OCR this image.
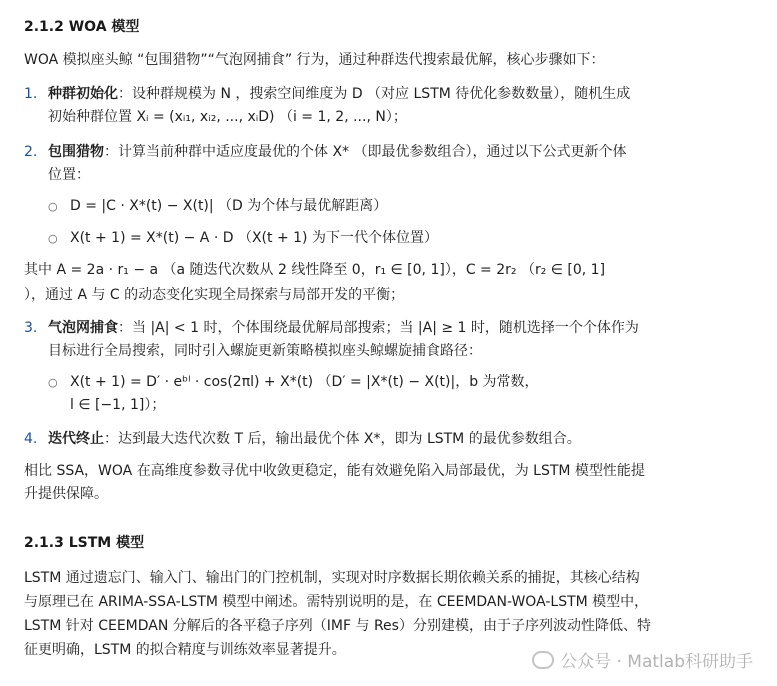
2.1.2 WOA 模型
WOA 模拟座头鲸 “包围猎物”“气泡网捕食” 行为，通过种群迭代搜索最优解，核心步骤如下：
1. 种群初始化：设种群规模为 N ，搜索空间维度为 D （对应 LSTM 待优化参数数量），随机生成
初始种群位置 Xᵢ = (xᵢ₁, xᵢ₂, ..., xᵢD) （i = 1, 2, ..., N）；
2. 包围猎物：计算当前种群中适应度最优的个体 X* （即最优参数组合），通过以下公式更新个体
位置：
○ D = |C · X*(t) − X(t)| （D 为个体与最优解距离）
○ X(t + 1) = X*(t) − A · D （X(t + 1) 为下一代个体位置）
其中 A = 2a · r₁ − a （a 随迭代次数从 2 线性降至 0，r₁ ∈ [0, 1]），C = 2r₂ （r₂ ∈ [0, 1]
），通过 A 与 C 的动态变化实现全局探索与局部开发的平衡；
3. 气泡网捕食：当 |A| < 1 时，个体围绕最优解局部搜索；当 |A| ≥ 1 时，随机选择一个个体作为
目标进行全局搜索，同时引入螺旋更新策略模拟座头鲸螺旋捕食路径：
○ X(t + 1) = D′ · eᵇˡ · cos(2πl) + X*(t) （D′ = |X*(t) − X(t)|，b 为常数，
l ∈ [−1, 1]）；
4. 迭代终止：达到最大迭代次数 T 后，输出最优个体 X*，即为 LSTM 的最优参数组合。
相比 SSA，WOA 在高维度参数寻优中收敛更稳定，能有效避免陷入局部最优，为 LSTM 模型性能提
升提供保障。
2.1.3 LSTM 模型
LSTM 通过遗忘门、输入门、输出门的门控机制，实现对时序数据长期依赖关系的捕捉，其核心结构
与原理已在 ARIMA-SSA-LSTM 模型中阐述。需特别说明的是，在 CEEMDAN-WOA-LSTM 模型中，
LSTM 针对 CEEMDAN 分解后的各平稳子序列（IMF 与 Res）分别建模，由于子序列波动性降低、特
征更明确，LSTM 的拟合精度与训练效率显著提升。
公众号 · Matlab科研助手
